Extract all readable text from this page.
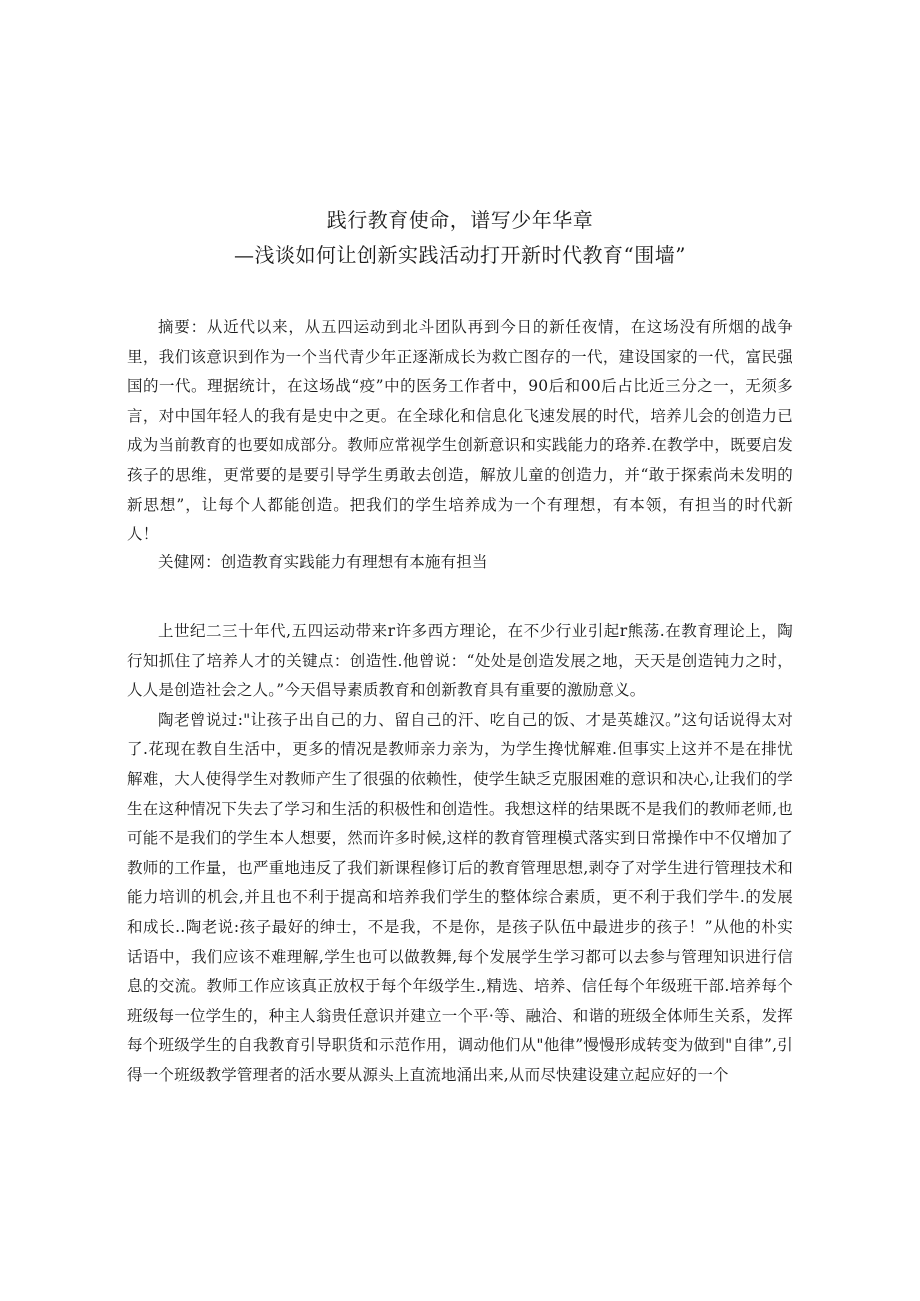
践行教育使命，谱写少年华章
—浅谈如何让创新实践活动打开新时代教育“围墙”

摘要：从近代以来，从五四运动到北斗团队再到今日的新任夜情，在这场没有所烟的战争里，我们该意识到作为一个当代青少年正逐渐成长为救亡图存的一代，建设国家的一代，富民强国的一代。理据统计，在这场战“疫”中的医务工作者中，90后和00后占比近三分之一，无须多言，对中国年轻人的我有是史中之更。在全球化和信息化飞速发展的时代，培养儿会的创造力已成为当前教育的也要如成部分。教师应常视学生创新意识和实践能力的珞养.在教学中，既要启发孩子的思维，更常要的是要引导学生勇敢去创造，解放儿童的创造力，并“敢于探索尚未发明的新思想”，让每个人都能创造。把我们的学生培养成为一个有理想，有本领，有担当的时代新人！

关健网：创造教育实践能力有理想有本施有担当

上世纪二三十年代,五四运动带来r许多西方理论，在不少行业引起r熊荡.在教育理论上，陶行知抓住了培养人才的关键点：创造性.他曾说：“处处是创造发展之地，天天是创造钝力之时，人人是创造社会之人。”今天倡导素质教育和创新教育具有重要的激励意义。

陶老曾说过:"让孩子出自己的力、留自己的汗、吃自己的饭、才是英雄汉。”这句话说得太对了.花现在教自生活中，更多的情况是教师亲力亲为，为学生搀忧解难.但事实上这并不是在排忧解难，大人使得学生对教师产生了很强的依赖性，使学生缺乏克服困难的意识和决心,让我们的学生在这种情况下失去了学习和生活的积极性和创造性。我想这样的结果既不是我们的教师老师,也可能不是我们的学生本人想要，然而许多时候,这样的教育管理模式落实到日常操作中不仅增加了教师的工作量，也严重地违反了我们新课程修订后的教育管理思想,剥夺了对学生进行管理技术和能力培训的机会,并且也不利于提高和培养我们学生的整体综合素质，更不利于我们学牛.的发展和成长..陶老说:孩子最好的绅士，不是我，不是你，是孩子队伍中最进步的孩子！”从他的朴实话语中，我们应该不难理解,学生也可以做教舞,每个发展学生学习都可以去参与管理知识进行信息的交流。教师工作应该真正放权于每个年级学生.,精选、培养、信任每个年级班干部.培养每个班级每一位学生的，种主人翁贵任意识并建立一个平·等、融洽、和谐的班级全体师生关系，发挥每个班级学生的自我教育引导职货和示范作用，调动他们从"他律”慢慢形成转变为做到"自律”,引得一个班级教学管理者的活水要从源头上直流地涌出来,从而尽快建设建立起应好的一个
